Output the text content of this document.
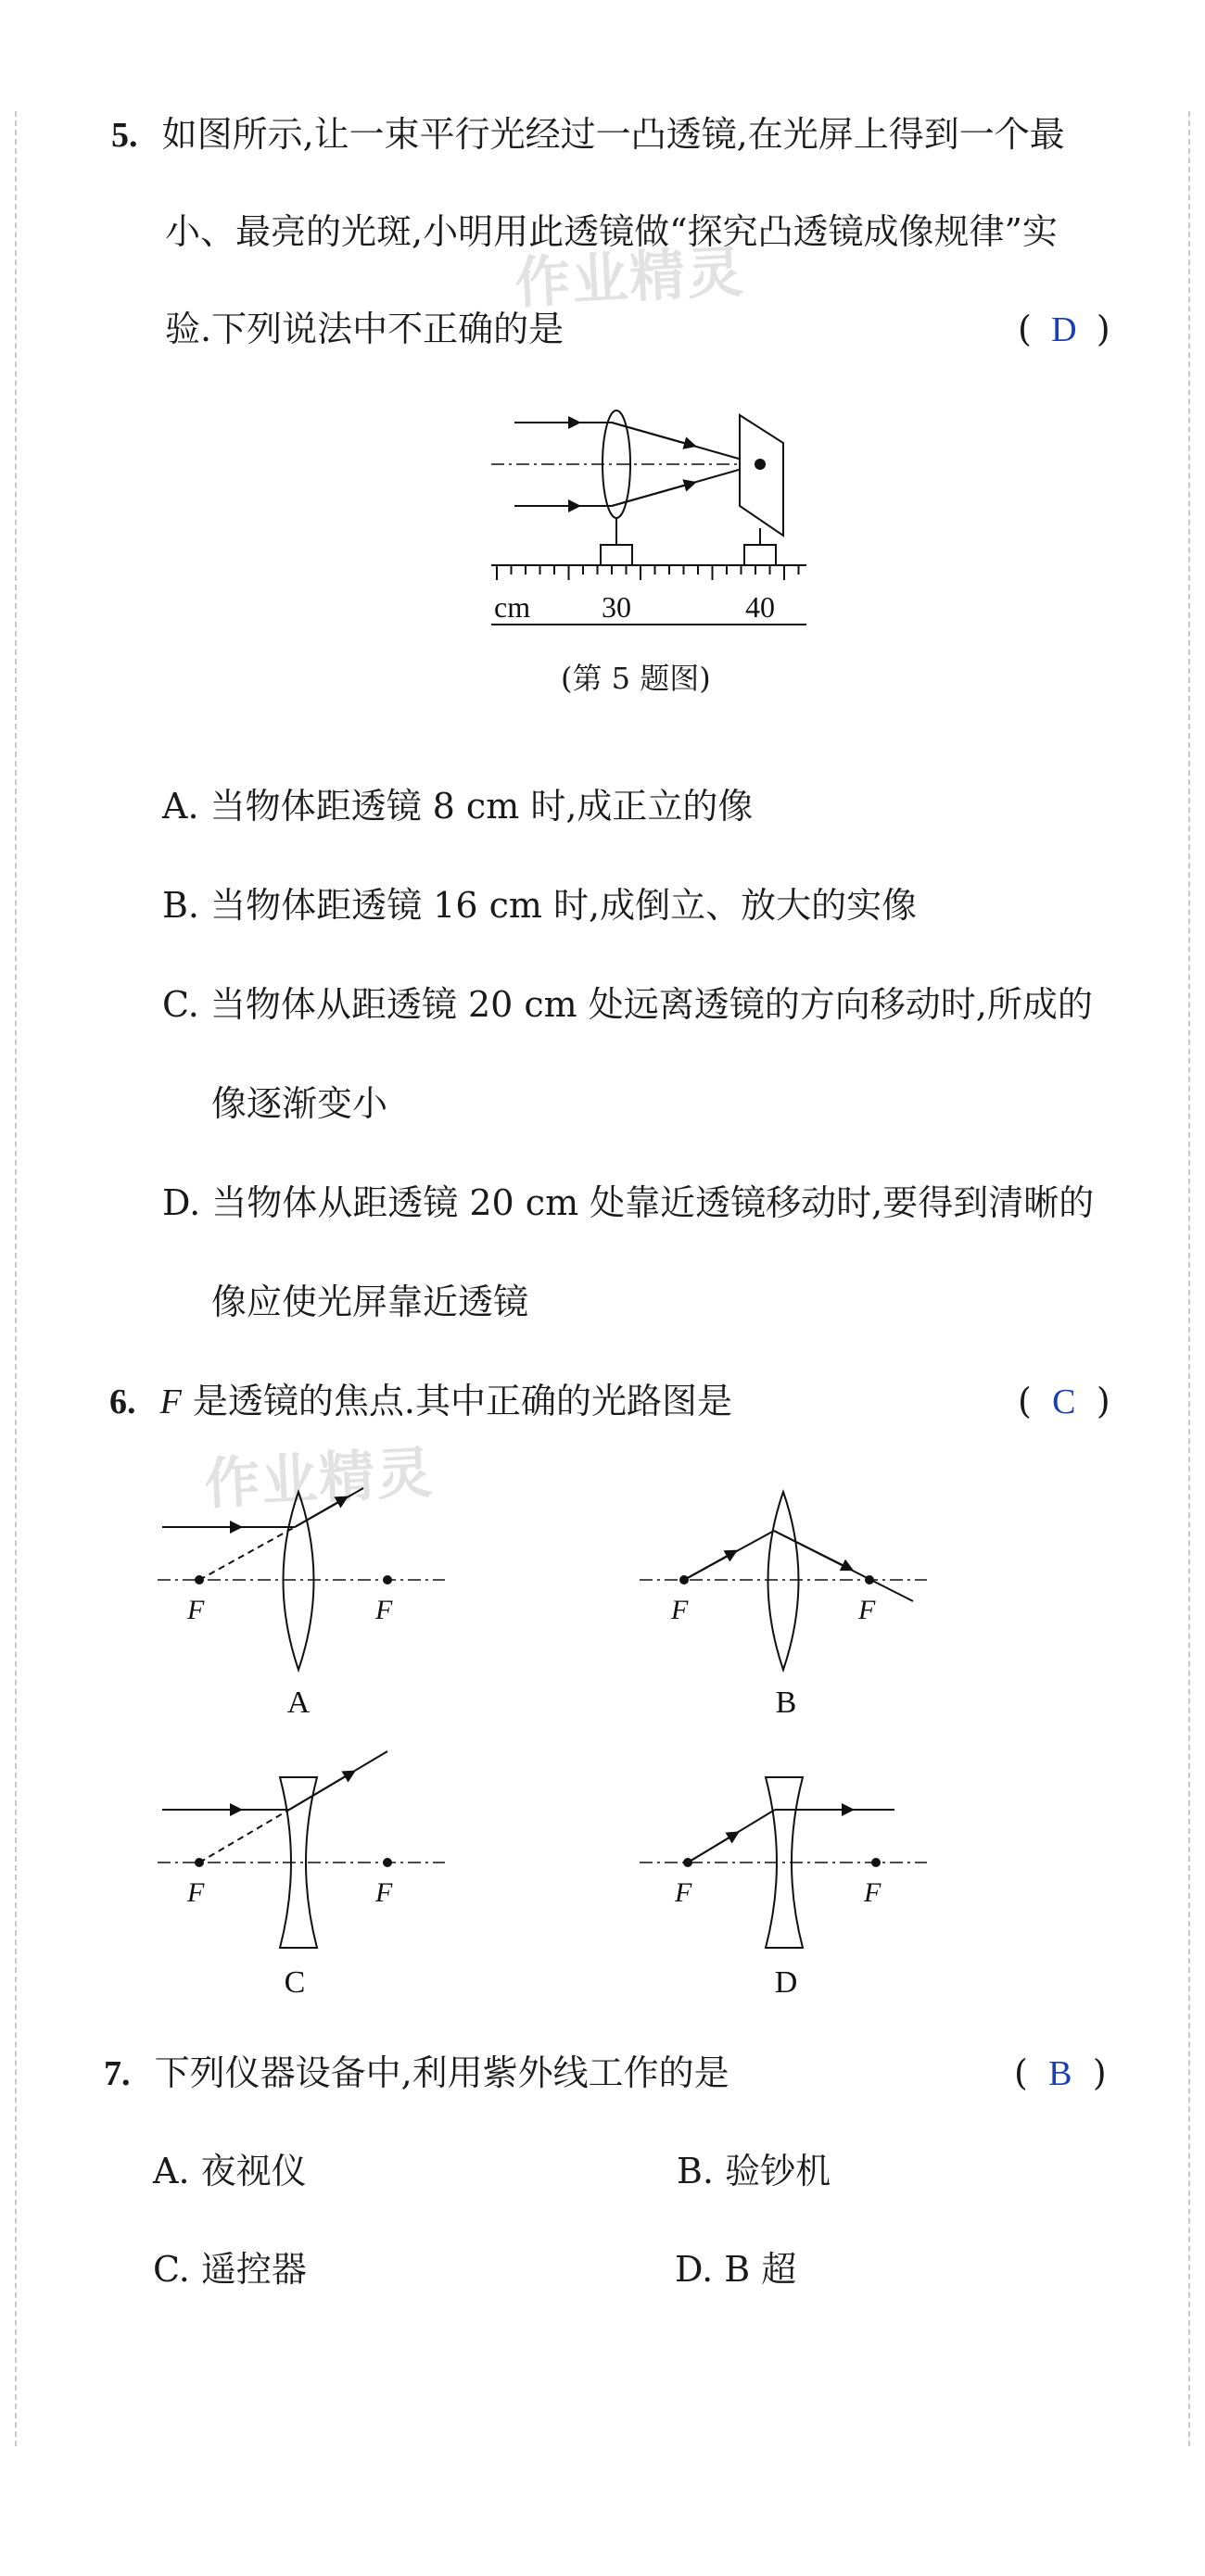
作业精灵
作业精灵
5. 如图所示,让一束平行光经过一凸透镜,在光屏上得到一个最
小、最亮的光斑,小明用此透镜做“探究凸透镜成像规律”实
验.下列说法中不正确的是	( D )
cm 30	40
(第 5 题图)
A. 当物体距透镜 8 cm 时,成正立的像
B. 当物体距透镜 16 cm 时,成倒立、放大的实像
C. 当物体从距透镜 20 cm 处远离透镜的方向移动时,所成的
像逐渐变小
D. 当物体从距透镜 20 cm 处靠近透镜移动时,要得到清晰的
像应使光屏靠近透镜
6. F 是透镜的焦点.其中正确的光路图是	( C )
F	F
A
F	F
B
F	F
C
F	F
D
7. 下列仪器设备中,利用紫外线工作的是	( B )
A. 夜视仪	B. 验钞机
C. 遥控器	D. B 超
